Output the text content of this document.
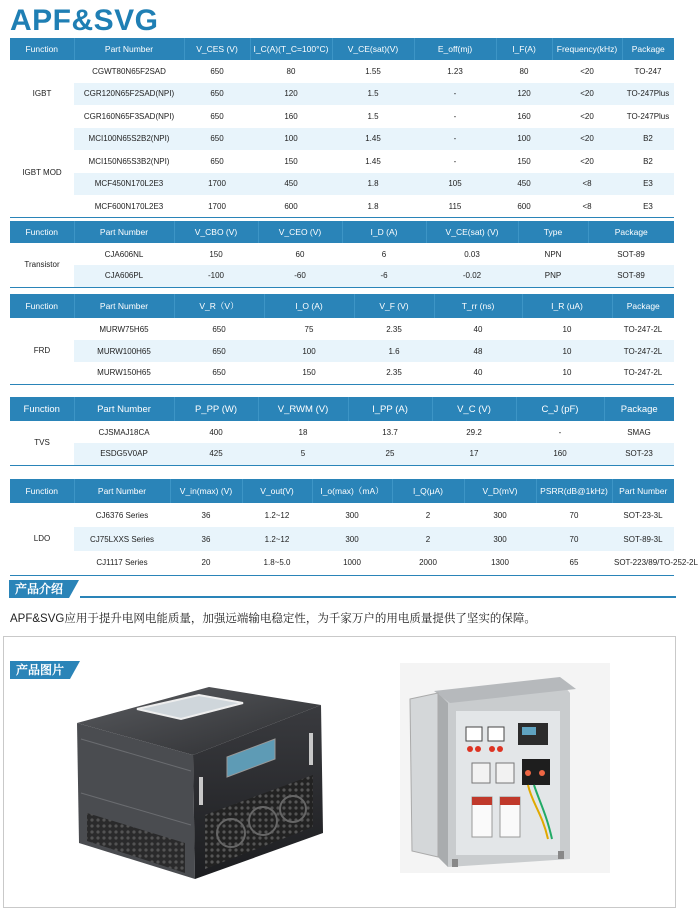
APF&SVG
Function	Part Number	V_CES (V)	I_C(A)(T_C=100°C)	V_CE(sat)(V)	E_off(mj)	I_F(A)	Frequency(kHz)	Package
IGBT	CGWT80N65F2SAD	650	80	1.55	1.23	80	<20	TO-247
	CGR120N65F2SAD(NPI)	650	120	1.5	-	120	<20	TO-247Plus
	CGR160N65F3SAD(NPI)	650	160	1.5	-	160	<20	TO-247Plus
IGBT MOD	MCI100N65S2B2(NPI)	650	100	1.45	-	100	<20	B2
	MCI150N65S3B2(NPI)	650	150	1.45	-	150	<20	B2
	MCF450N170L2E3	1700	450	1.8	105	450	<8	E3
	MCF600N170L2E3	1700	600	1.8	115	600	<8	E3
Function	Part Number	V_CBO (V)	V_CEO (V)	I_D (A)	V_CE(sat) (V)	Type	Package
Transistor	CJA606NL	150	60	6	0.03	NPN	SOT-89
	CJA606PL	-100	-60	-6	-0.02	PNP	SOT-89
Function	Part Number	V_R（V）	I_O (A)	V_F (V)	T_rr (ns)	I_R (uA)	Package
FRD	MURW75H65	650	75	2.35	40	10	TO-247-2L
	MURW100H65	650	100	1.6	48	10	TO-247-2L
	MURW150H65	650	150	2.35	40	10	TO-247-2L
Function	Part Number	P_PP (W)	V_RWM (V)	I_PP (A)	V_C (V)	C_J (pF)	Package
TVS	CJSMAJ18CA	400	18	13.7	29.2	-	SMAG
	ESDG5V0AP	425	5	25	17	160	SOT-23
Function	Part Number	V_in(max) (V)	V_out(V)	I_o(max)（mA）	I_Q(μA)	V_D(mV)	PSRR(dB@1kHz)	Part Number
LDO	CJ6376 Series	36	1.2~12	300	2	300	70	SOT-23-3L
	CJ75LXXS Series	36	1.2~12	300	2	300	70	SOT-89-3L
	CJ1117 Series	20	1.8~5.0	1000	2000	1300	65	SOT-223/89/TO-252-2L
产品介绍
APF&SVG应用于提升电网电能质量，加强远端输电稳定性，为千家万户的用电质量提供了坚实的保障。
产品图片
